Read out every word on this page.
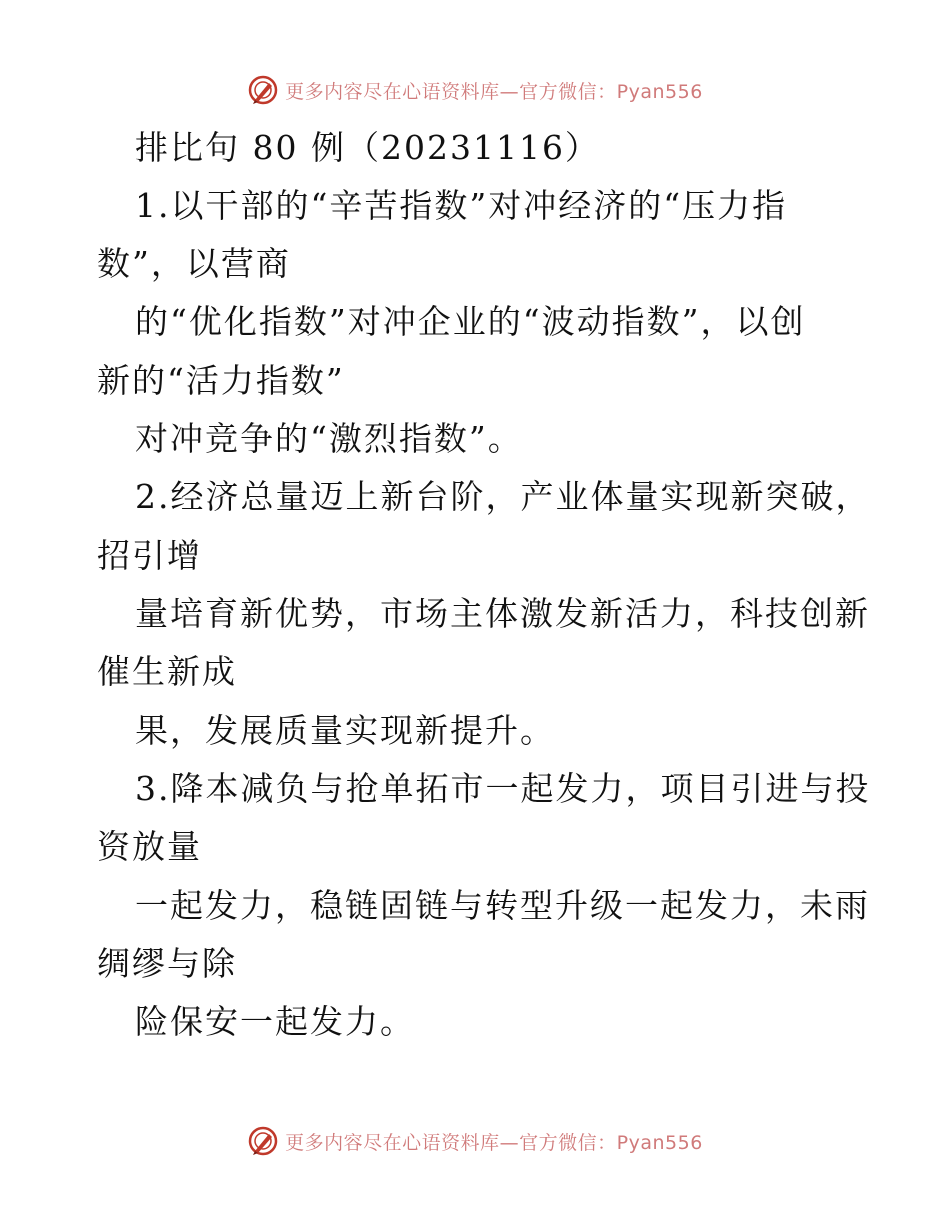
更多内容尽在心语资料库—官方微信：Pyan556
排比句 80 例（20231116）
1.以干部的“辛苦指数”对冲经济的“压力指
数”，以营商
的“优化指数”对冲企业的“波动指数”，以创
新的“活力指数”
对冲竞争的“激烈指数”。
2.经济总量迈上新台阶，产业体量实现新突破，
招引增
量培育新优势，市场主体激发新活力，科技创新
催生新成
果，发展质量实现新提升。
3.降本减负与抢单拓市一起发力，项目引进与投
资放量
一起发力，稳链固链与转型升级一起发力，未雨
绸缪与除
险保安一起发力。
更多内容尽在心语资料库—官方微信：Pyan556
